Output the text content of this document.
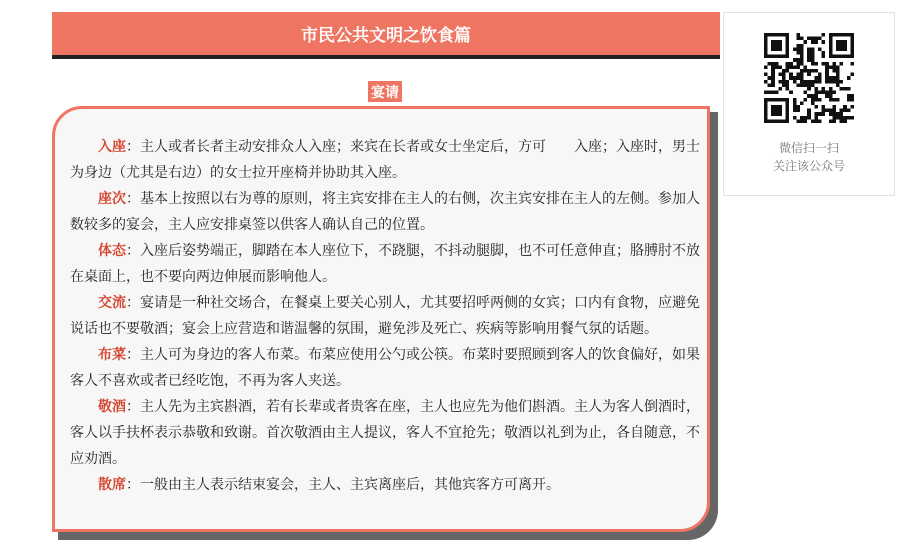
市民公共文明之饮食篇
宴请

入座：主人或者长者主动安排众人入座；来宾在长者或女士坐定后，方可　　入座；入座时，男士 为身边（尤其是右边）的女士拉开座椅并协助其入座。

座次：基本上按照以右为尊的原则，将主宾安排在主人的右侧，次主宾安排在主人的左侧。参加人数较多的宴会，主人应安排桌签以供客人确认自己的位置。

体态：入座后姿势端正，脚踏在本人座位下，不跷腿，不抖动腿脚，也不可任意伸直；胳膊肘不放在桌面上，也不要向两边伸展而影响他人。

交流：宴请是一种社交场合，在餐桌上要关心别人，尤其要招呼两侧的女宾；口内有食物，应避免说话也不要敬酒；宴会上应营造和谐温馨的氛围，避免涉及死亡、疾病等影响用餐气氛的话题。

布菜：主人可为身边的客人布菜。布菜应使用公勺或公筷。布菜时要照顾到客人的饮食偏好，如果客人不喜欢或者已经吃饱，不再为客人夹送。

敬酒：主人先为主宾斟酒，若有长辈或者贵客在座，主人也应先为他们斟酒。主人为客人倒酒时，客人以手扶杯表示恭敬和致谢。首次敬酒由主人提议，客人不宜抢先；敬酒以礼到为止，各自随意，不应劝酒。

散席：一般由主人表示结束宴会，主人、主宾离座后，其他宾客方可离开。

微信扫一扫
关注该公众号
